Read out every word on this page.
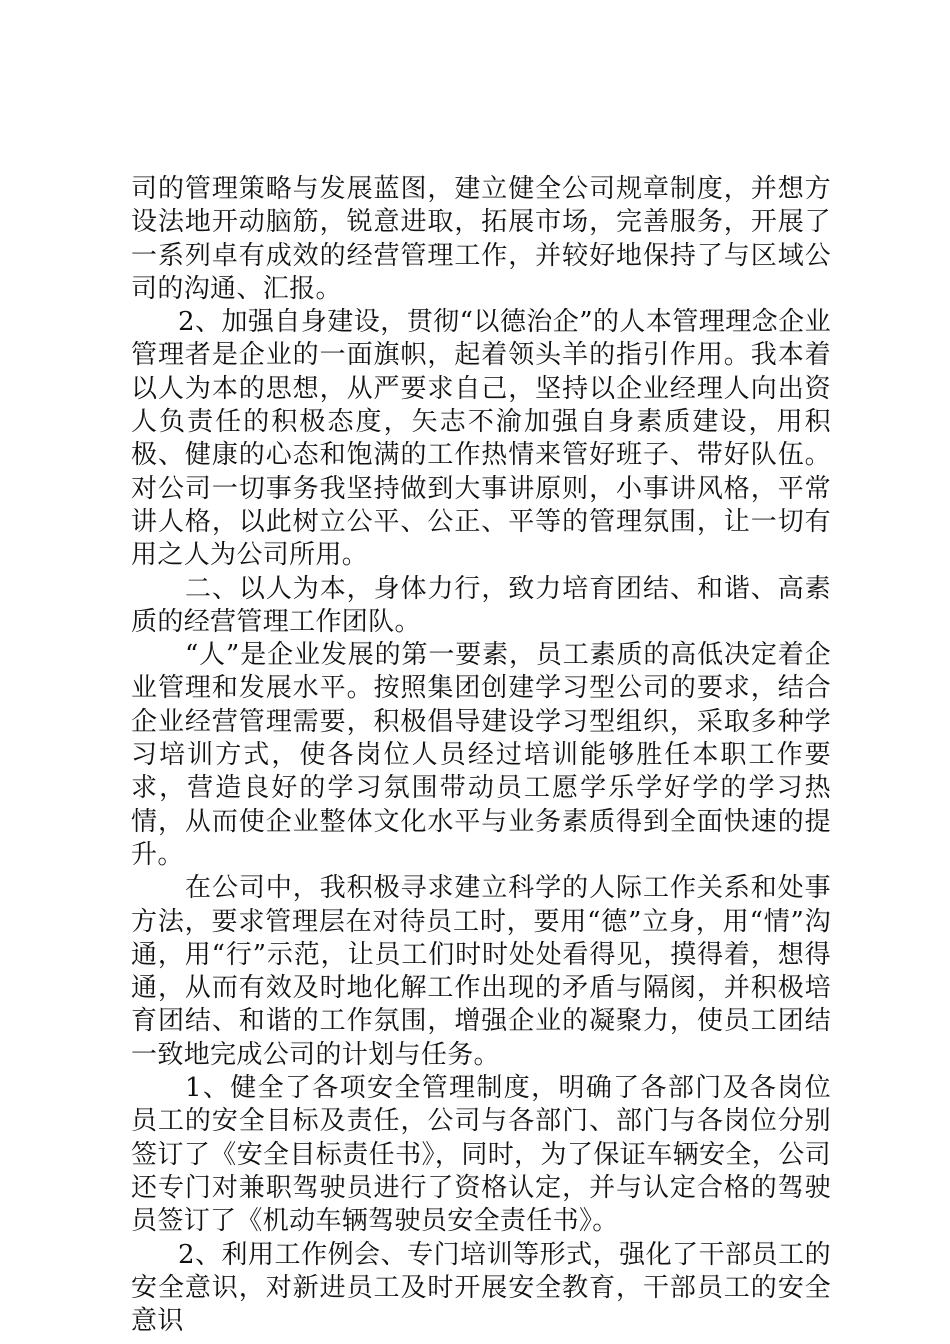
司的管理策略与发展蓝图，建立健全公司规章制度，并想方设法地开动脑筋，锐意进取，拓展市场，完善服务，开展了一系列卓有成效的经营管理工作，并较好地保持了与区域公司的沟通、汇报。

2、加强自身建设，贯彻“以德治企”的人本管理理念企业管理者是企业的一面旗帜，起着领头羊的指引作用。我本着以人为本的思想，从严要求自己，坚持以企业经理人向出资人负责任的积极态度，矢志不渝加强自身素质建设，用积极、健康的心态和饱满的工作热情来管好班子、带好队伍。对公司一切事务我坚持做到大事讲原则，小事讲风格，平常讲人格，以此树立公平、公正、平等的管理氛围，让一切有用之人为公司所用。

二、以人为本，身体力行，致力培育团结、和谐、高素质的经营管理工作团队。

“人”是企业发展的第一要素，员工素质的高低决定着企业管理和发展水平。按照集团创建学习型公司的要求，结合企业经营管理需要，积极倡导建设学习型组织，采取多种学习培训方式，使各岗位人员经过培训能够胜任本职工作要求，营造良好的学习氛围带动员工愿学乐学好学的学习热情，从而使企业整体文化水平与业务素质得到全面快速的提升。

在公司中，我积极寻求建立科学的人际工作关系和处事方法，要求管理层在对待员工时，要用“德”立身，用“情”沟通，用“行”示范，让员工们时时处处看得见，摸得着，想得通，从而有效及时地化解工作出现的矛盾与隔阂，并积极培育团结、和谐的工作氛围，增强企业的凝聚力，使员工团结一致地完成公司的计划与任务。

1、健全了各项安全管理制度，明确了各部门及各岗位员工的安全目标及责任，公司与各部门、部门与各岗位分别签订了《安全目标责任书》，同时，为了保证车辆安全，公司还专门对兼职驾驶员进行了资格认定，并与认定合格的驾驶员签订了《机动车辆驾驶员安全责任书》。

2、利用工作例会、专门培训等形式，强化了干部员工的安全意识，对新进员工及时开展安全教育，干部员工的安全意识
